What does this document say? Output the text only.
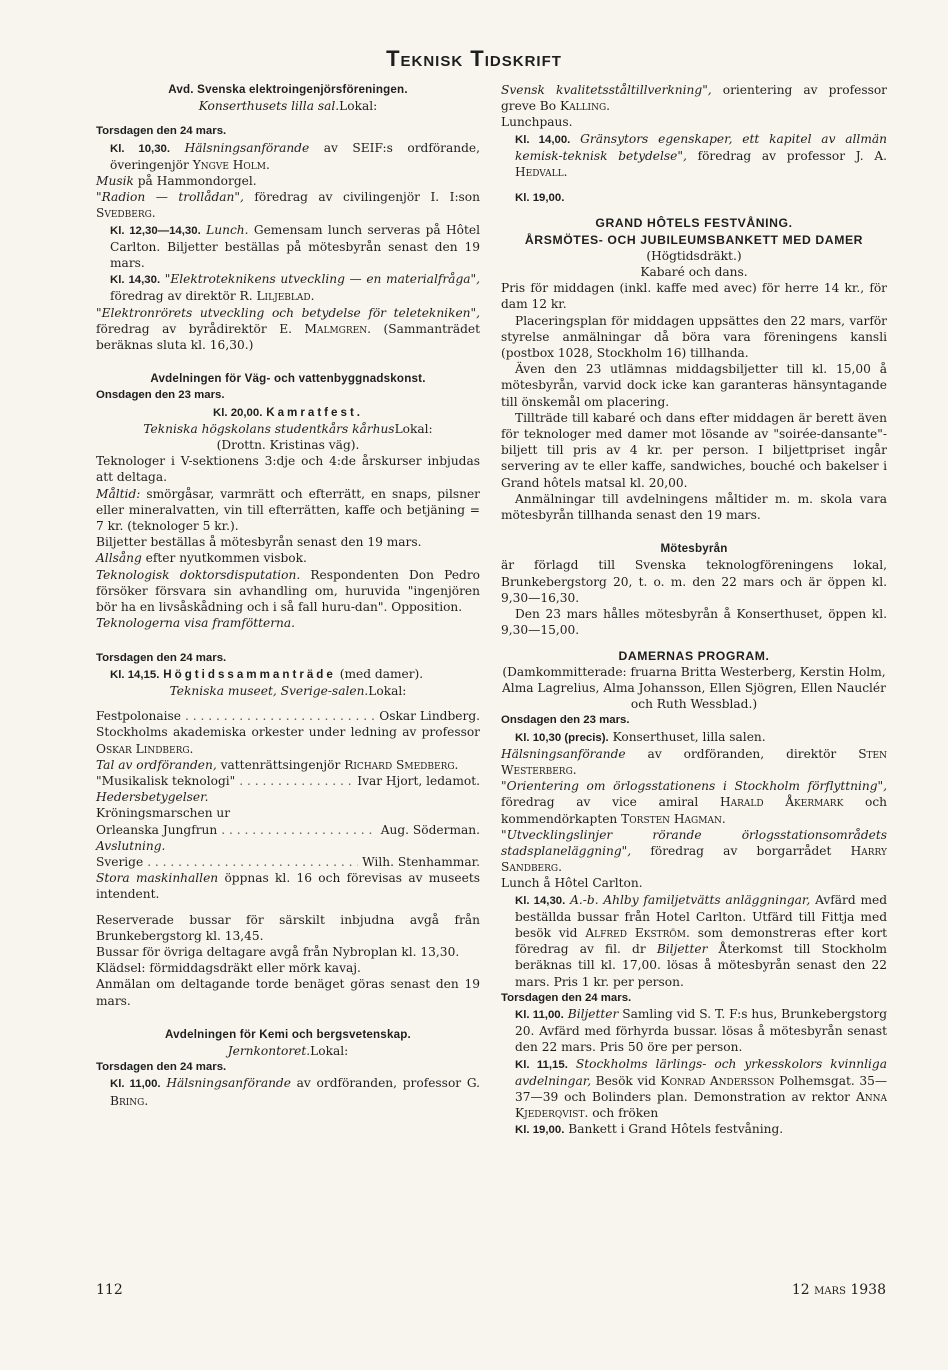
Teknisk Tidskrift

Avd. Svenska elektroingenjörsföreningen.

Konserthusets lilla sal.Lokal:

Torsdagen den 24 mars.

Kl. 10,30. Hälsningsanförande av SEIF:s ordförande, överingenjör Yngve Holm.

Musik på Hammondorgel.

"Radion — trollådan", föredrag av civilingenjör I. I:son Svedberg.

Kl. 12,30—14,30. Lunch. Gemensam lunch serveras på Hôtel Carlton. Biljetter beställas på mötesbyrån senast den 19 mars.

Kl. 14,30. "Elektroteknikens utveckling — en materialfråga", föredrag av direktör R. Liljeblad.

"Elektronrörets utveckling och betydelse för teletekniken", föredrag av byrådirektör E. Malmgren. (Sammanträdet beräknas sluta kl. 16,30.)

Avdelningen för Väg- och vattenbyggnadskonst.

Onsdagen den 23 mars.

Kl. 20,00. Kamratfest.

Tekniska högskolans studentkårs kårhusLokal:

(Drottn. Kristinas väg).

Teknologer i V-sektionens 3:dje och 4:de årskurser inbjudas att deltaga.

Måltid: smörgåsar, varmrätt och efterrätt, en snaps, pilsner eller mineralvatten, vin till efterrätten, kaffe och betjäning = 7 kr. (teknologer 5 kr.).

Biljetter beställas å mötesbyrån senast den 19 mars.

Allsång efter nyutkommen visbok.

Teknologisk doktorsdisputation. Respondenten Don Pedro försöker försvara sin avhandling om, huruvida "ingenjören bör ha en livsåskådning och i så fall huru-dan". Opposition.

Teknologerna visa framfötterna.

Torsdagen den 24 mars.

Kl. 14,15. Högtidssammanträde (med damer).

Tekniska museet, Sverige-salen.Lokal:

Festpolonaise . . .	Oskar Lindberg.

Stockholms akademiska orkester under ledning av professor Oskar Lindberg.

Tal av ordföranden, vattenrättsingenjör Richard Smedberg.

"Musikalisk teknologi" . . .	Ivar Hjort, ledamot.

Hedersbetygelser.

Kröningsmarschen ur

Orleanska Jungfrun . . .	Aug. Söderman.

Avslutning.

Sverige . . .	Wilh. Stenhammar.

Stora maskinhallen öppnas kl. 16 och förevisas av museets intendent.

Reserverade bussar för särskilt inbjudna avgå från Brunkebergstorg kl. 13,45.

Bussar för övriga deltagare avgå från Nybroplan kl. 13,30.

Klädsel: förmiddagsdräkt eller mörk kavaj.

Anmälan om deltagande torde benäget göras senast den 19 mars.

Avdelningen för Kemi och bergsvetenskap.

Jernkontoret.Lokal:

Torsdagen den 24 mars.

Kl. 11,00. Hälsningsanförande av ordföranden, professor G. Bring.

Svensk kvalitetsståltillverkning", orientering av professor greve Bo Kalling.

Lunchpaus.

Kl. 14,00. Gränsytors egenskaper, ett kapitel av allmän kemisk-teknisk betydelse", föredrag av professor J. A. Hedvall.

Kl. 19,00.

GRAND HÔTELS FESTVÅNING.

ÅRSMÖTES- OCH JUBILEUMSBANKETT MED DAMER

(Högtidsdräkt.)

Kabaré och dans.

Pris för middagen (inkl. kaffe med avec) för herre 14 kr., för dam 12 kr.

Placeringsplan för middagen uppsättes den 22 mars, varför styrelse anmälningar då böra vara föreningens kansli (postbox 1028, Stockholm 16) tillhanda.

Även den 23 utlämnas middagsbiljetter till kl. 15,00 å mötesbyrån, varvid dock icke kan garanteras hänsyntagande till önskemål om placering.

Tillträde till kabaré och dans efter middagen är berett även för teknologer med damer mot lösande av "soirée-dansante"-biljett till pris av 4 kr. per person. I biljettpriset ingår servering av te eller kaffe, sandwiches, bouché och bakelser i Grand hôtels matsal kl. 20,00.

Anmälningar till avdelningens måltider m. m. skola vara mötesbyrån tillhanda senast den 19 mars.

Mötesbyrån

är förlagd till Svenska teknologföreningens lokal, Brunkebergstorg 20, t. o. m. den 22 mars och är öppen kl. 9,30—16,30.

Den 23 mars hålles mötesbyrån å Konserthuset, öppen kl. 9,30—15,00.

DAMERNAS PROGRAM.

(Damkommitterade: fruarna Britta Westerberg, Kerstin Holm, Alma Lagrelius, Alma Johansson, Ellen Sjögren, Ellen Nauclér och Ruth Wessblad.)

Onsdagen den 23 mars.

Kl. 10,30 (precis). Konserthuset, lilla salen.

Hälsningsanförande av ordföranden, direktör Sten Westerberg.

"Orientering om örlogsstationens i Stockholm förflyttning", föredrag av vice amiral Harald Åkermark och kommendörkapten Torsten Hagman.

"Utvecklingslinjer rörande örlogsstationsområdets stadsplaneläggning", föredrag av borgarrådet Harry Sandberg.

Lunch å Hôtel Carlton.

Kl. 14,30. A.-b. Ahlby familjetvätts anläggningar, Avfärd med beställda bussar från Hotel Carlton. Utfärd till Fittja med besök vid Alfred Ekström. som demonstreras efter kort föredrag av fil. dr Biljetter Återkomst till Stockholm beräknas till kl. 17,00. lösas å mötesbyrån senast den 22 mars. Pris 1 kr. per person.

Torsdagen den 24 mars.

Kl. 11,00. Biljetter Samling vid S. T. F:s hus, Brunkebergstorg 20. Avfärd med förhyrda bussar. lösas å mötesbyrån senast den 22 mars. Pris 50 öre per person.

Kl. 11,15. Stockholms lärlings- och yrkesskolors kvinnliga avdelningar, Besök vid Konrad Andersson Polhemsgat. 35—37—39 och Bolinders plan. Demonstration av rektor Anna Kjederqvist. och fröken

Kl. 19,00. Bankett i Grand Hôtels festvåning.

112	12 mars 1938
